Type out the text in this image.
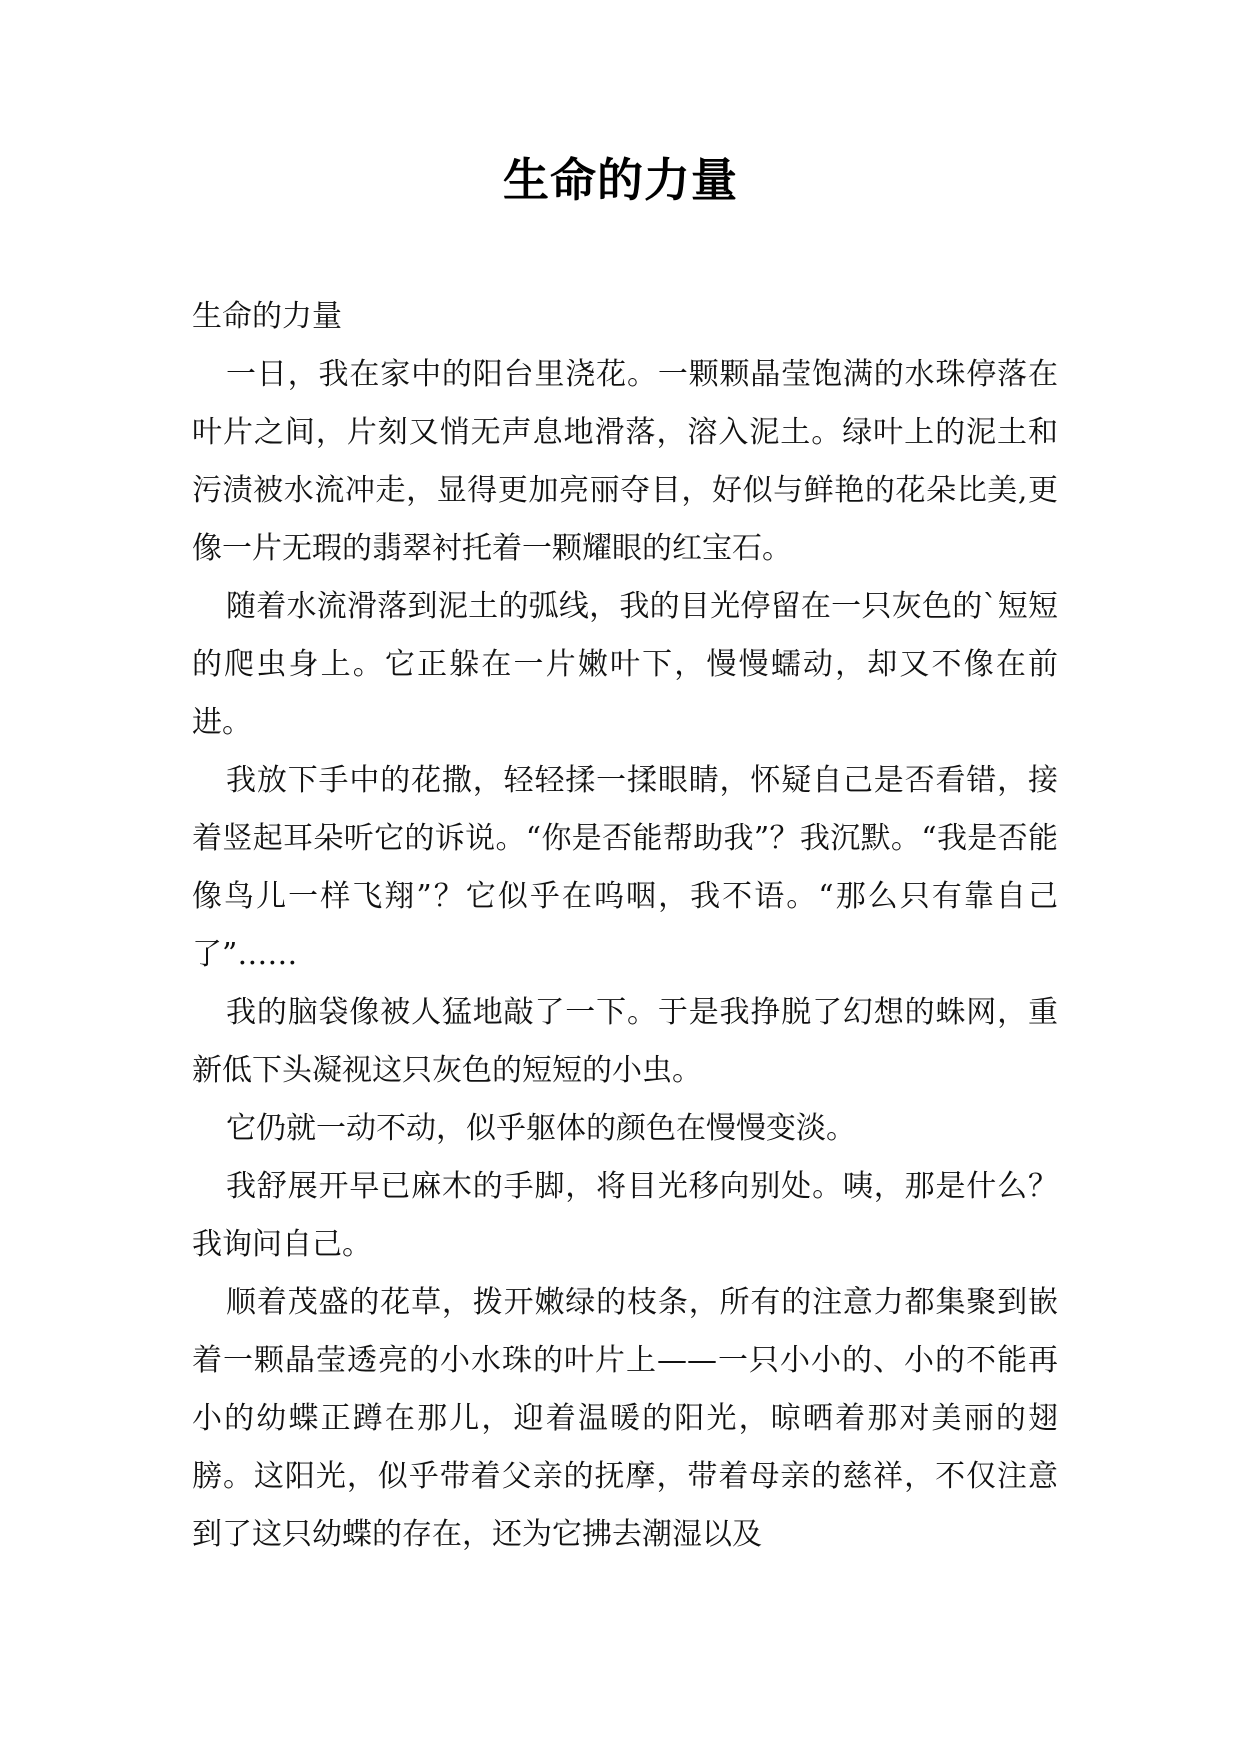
生命的力量

生命的力量

一日，我在家中的阳台里浇花。一颗颗晶莹饱满的水珠停落在叶片之间，片刻又悄无声息地滑落，溶入泥土。绿叶上的泥土和污渍被水流冲走，显得更加亮丽夺目，好似与鲜艳的花朵比美,更像一片无瑕的翡翠衬托着一颗耀眼的红宝石。

随着水流滑落到泥土的弧线，我的目光停留在一只灰色的`短短的爬虫身上。它正躲在一片嫩叶下，慢慢蠕动，却又不像在前进。

我放下手中的花撒，轻轻揉一揉眼睛，怀疑自己是否看错，接着竖起耳朵听它的诉说。“你是否能帮助我”？我沉默。“我是否能像鸟儿一样飞翔”？它似乎在呜咽，我不语。“那么只有靠自己了”……

我的脑袋像被人猛地敲了一下。于是我挣脱了幻想的蛛网，重新低下头凝视这只灰色的短短的小虫。

它仍就一动不动，似乎躯体的颜色在慢慢变淡。

我舒展开早已麻木的手脚，将目光移向别处。咦，那是什么？我询问自己。

顺着茂盛的花草，拨开嫩绿的枝条，所有的注意力都集聚到嵌着一颗晶莹透亮的小水珠的叶片上——一只小小的、小的不能再小的幼蝶正蹲在那儿，迎着温暖的阳光，晾晒着那对美丽的翅膀。这阳光，似乎带着父亲的抚摩，带着母亲的慈祥，不仅注意到了这只幼蝶的存在，还为它拂去潮湿以及
